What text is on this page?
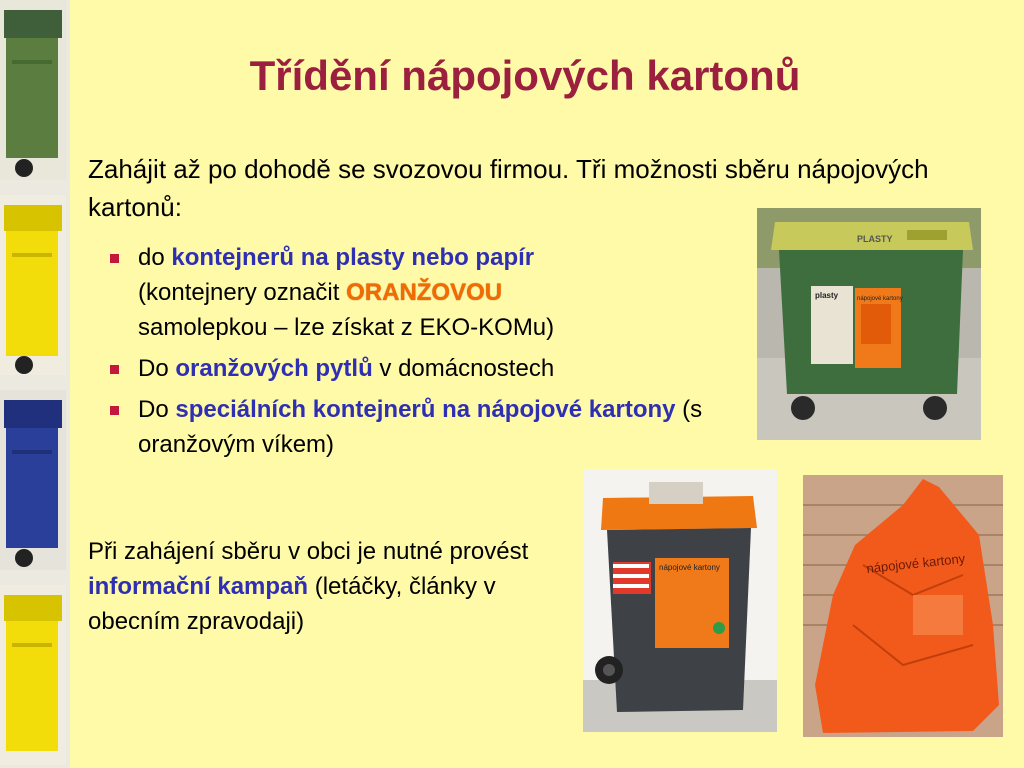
Třídění nápojových kartonů

Zahájit až po dohodě se svozovou firmou. Tři možnosti sběru nápojových kartonů:

do kontejnerů na plasty nebo papír
(kontejnery označit ORANŽOVOU
samolepkou – lze získat z EKO-KOMu)
Do oranžových pytlů v domácnostech
Do speciálních kontejnerů na nápojové kartony (s oranžovým víkem)

Při zahájení sběru v obci je nutné provést informační kampaň (letáčky, články v obecním zpravodaji)

PLASTY
plasty	nápojové kartony
nápojové kartony	nápojové kartony
